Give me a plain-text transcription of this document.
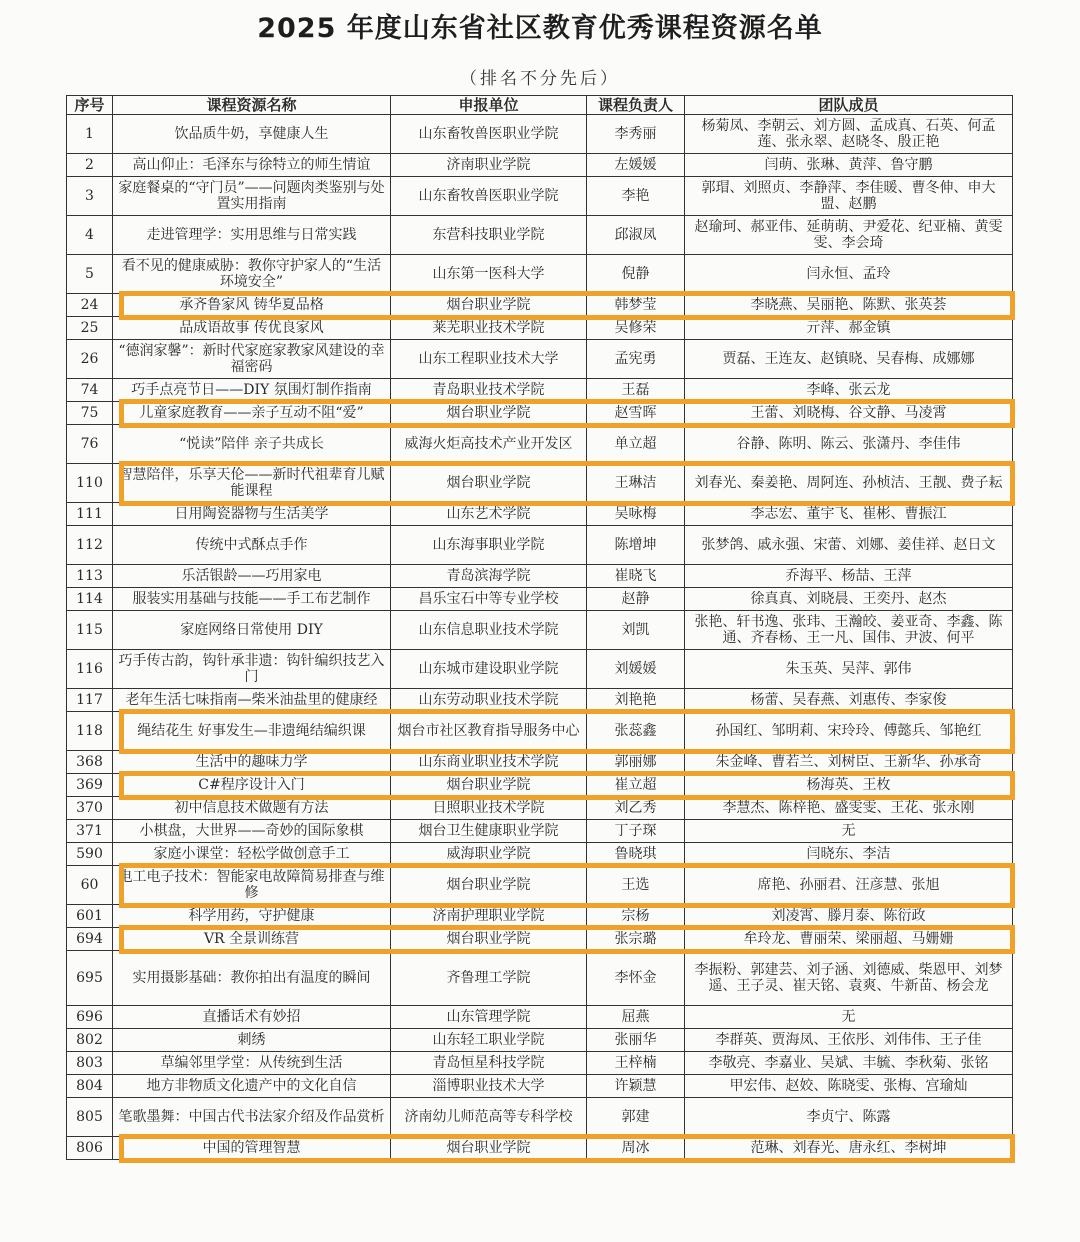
2025 年度山东省社区教育优秀课程资源名单
（排名不分先后）
序号	课程资源名称	申报单位	课程负责人	团队成员
1	饮品质牛奶，享健康人生	山东畜牧兽医职业学院	李秀丽	杨菊凤、李朝云、刘方圆、孟成真、石英、何孟莲、张永翠、赵晓冬、殷正艳
2	高山仰止：毛泽东与徐特立的师生情谊	济南职业学院	左媛媛	闫萌、张琳、黄萍、鲁守鹏
3	家庭餐桌的“守门员”——问题肉类鉴别与处置实用指南	山东畜牧兽医职业学院	李艳	郭瑁、刘照贞、李静萍、李佳暖、曹冬伸、申大盟、赵鹏
4	走进管理学：实用思维与日常实践	东营科技职业学院	邱淑凤	赵瑜珂、郝亚伟、延萌萌、尹爱花、纪亚楠、黄雯雯、李会琦
5	看不见的健康威胁：教你守护家人的“生活环境安全”	山东第一医科大学	倪静	闫永恒、孟玲
24	承齐鲁家风 铸华夏品格	烟台职业学院	韩梦莹	李晓燕、吴丽艳、陈默、张英荟
25	品成语故事 传优良家风	莱芜职业技术学院	吴修荣	亓萍、郝金镇
26	“德润家馨”：新时代家庭家教家风建设的幸福密码	山东工程职业技术大学	孟宪勇	贾磊、王连友、赵镇晓、吴春梅、成娜娜
74	巧手点亮节日——DIY 氛围灯制作指南	青岛职业技术学院	王磊	李峰、张云龙
75	儿童家庭教育——亲子互动不阻“爱”	烟台职业学院	赵雪晖	王蕾、刘晓梅、谷文静、马凌霄
76	“悦读”陪伴 亲子共成长	威海火炬高技术产业开发区	单立超	谷静、陈明、陈云、张潇丹、李佳伟
110	智慧陪伴，乐享天伦——新时代祖辈育儿赋能课程	烟台职业学院	王琳洁	刘春光、秦姜艳、周阿连、孙桢洁、王靓、费子耘
111	日用陶瓷器物与生活美学	山东艺术学院	吴咏梅	李志宏、董宇飞、崔彬、曹振江
112	传统中式酥点手作	山东海事职业学院	陈增坤	张梦鸽、戚永强、宋蕾、刘娜、姜佳祥、赵日文
113	乐活银龄——巧用家电	青岛滨海学院	崔晓飞	乔海平、杨喆、王萍
114	服装实用基础与技能——手工布艺制作	昌乐宝石中等专业学校	赵静	徐真真、刘晓晨、王奕丹、赵杰
115	家庭网络日常使用 DIY	山东信息职业技术学院	刘凯	张艳、轩书逸、张玮、王瀚皎、姜亚奇、李鑫、陈通、齐春杨、王一凡、国伟、尹波、何平
116	巧手传古韵，钩针承非遗：钩针编织技艺入门	山东城市建设职业学院	刘媛媛	朱玉英、吴萍、郭伟
117	老年生活七味指南—柴米油盐里的健康经	山东劳动职业技术学院	刘艳艳	杨蕾、吴春燕、刘惠传、李家俊
118	绳结花生 好事发生—非遗绳结编织课	烟台市社区教育指导服务中心	张蕊鑫	孙国红、邹明莉、宋玲玲、傅懿兵、邹艳红
368	生活中的趣味力学	山东商业职业技术学院	郭丽娜	朱金峰、曹若兰、刘树臣、王新华、孙承奇
369	C#程序设计入门	烟台职业学院	崔立超	杨海英、王枚
370	初中信息技术做题有方法	日照职业技术学院	刘乙秀	李慧杰、陈梓艳、盛雯雯、王花、张永刚
371	小棋盘，大世界——奇妙的国际象棋	烟台卫生健康职业学院	丁子琛	无
590	家庭小课堂：轻松学做创意手工	威海职业学院	鲁晓琪	闫晓东、李洁
60	电工电子技术：智能家电故障简易排查与维修	烟台职业学院	王选	席艳、孙丽君、汪彦慧、张旭
601	科学用药，守护健康	济南护理职业学院	宗杨	刘凌霄、滕月泰、陈衍政
694	VR 全景训练营	烟台职业学院	张宗璐	牟玲龙、曹丽荣、梁丽超、马姗姗
695	实用摄影基础：教你拍出有温度的瞬间	齐鲁理工学院	李怀金	李振粉、郭建芸、刘子涵、刘德威、柴恩甲、刘梦遥、王子灵、崔天铭、袁爽、牛新苗、杨会龙
696	直播话术有妙招	山东管理学院	屈燕	无
802	刺绣	山东轻工职业学院	张丽华	李群英、贾海凤、王依彤、刘伟伟、王子佳
803	草编邻里学堂：从传统到生活	青岛恒星科技学院	王梓楠	李敬亮、李嘉业、吴斌、丰毓、李秋菊、张铭
804	地方非物质文化遗产中的文化自信	淄博职业技术大学	许颖慧	甲宏伟、赵姣、陈晓雯、张梅、宫瑜灿
805	笔歌墨舞：中国古代书法家介绍及作品赏析	济南幼儿师范高等专科学校	郭建	李贞宁、陈露
806	中国的管理智慧	烟台职业学院	周冰	范琳、刘春光、唐永红、李树坤
